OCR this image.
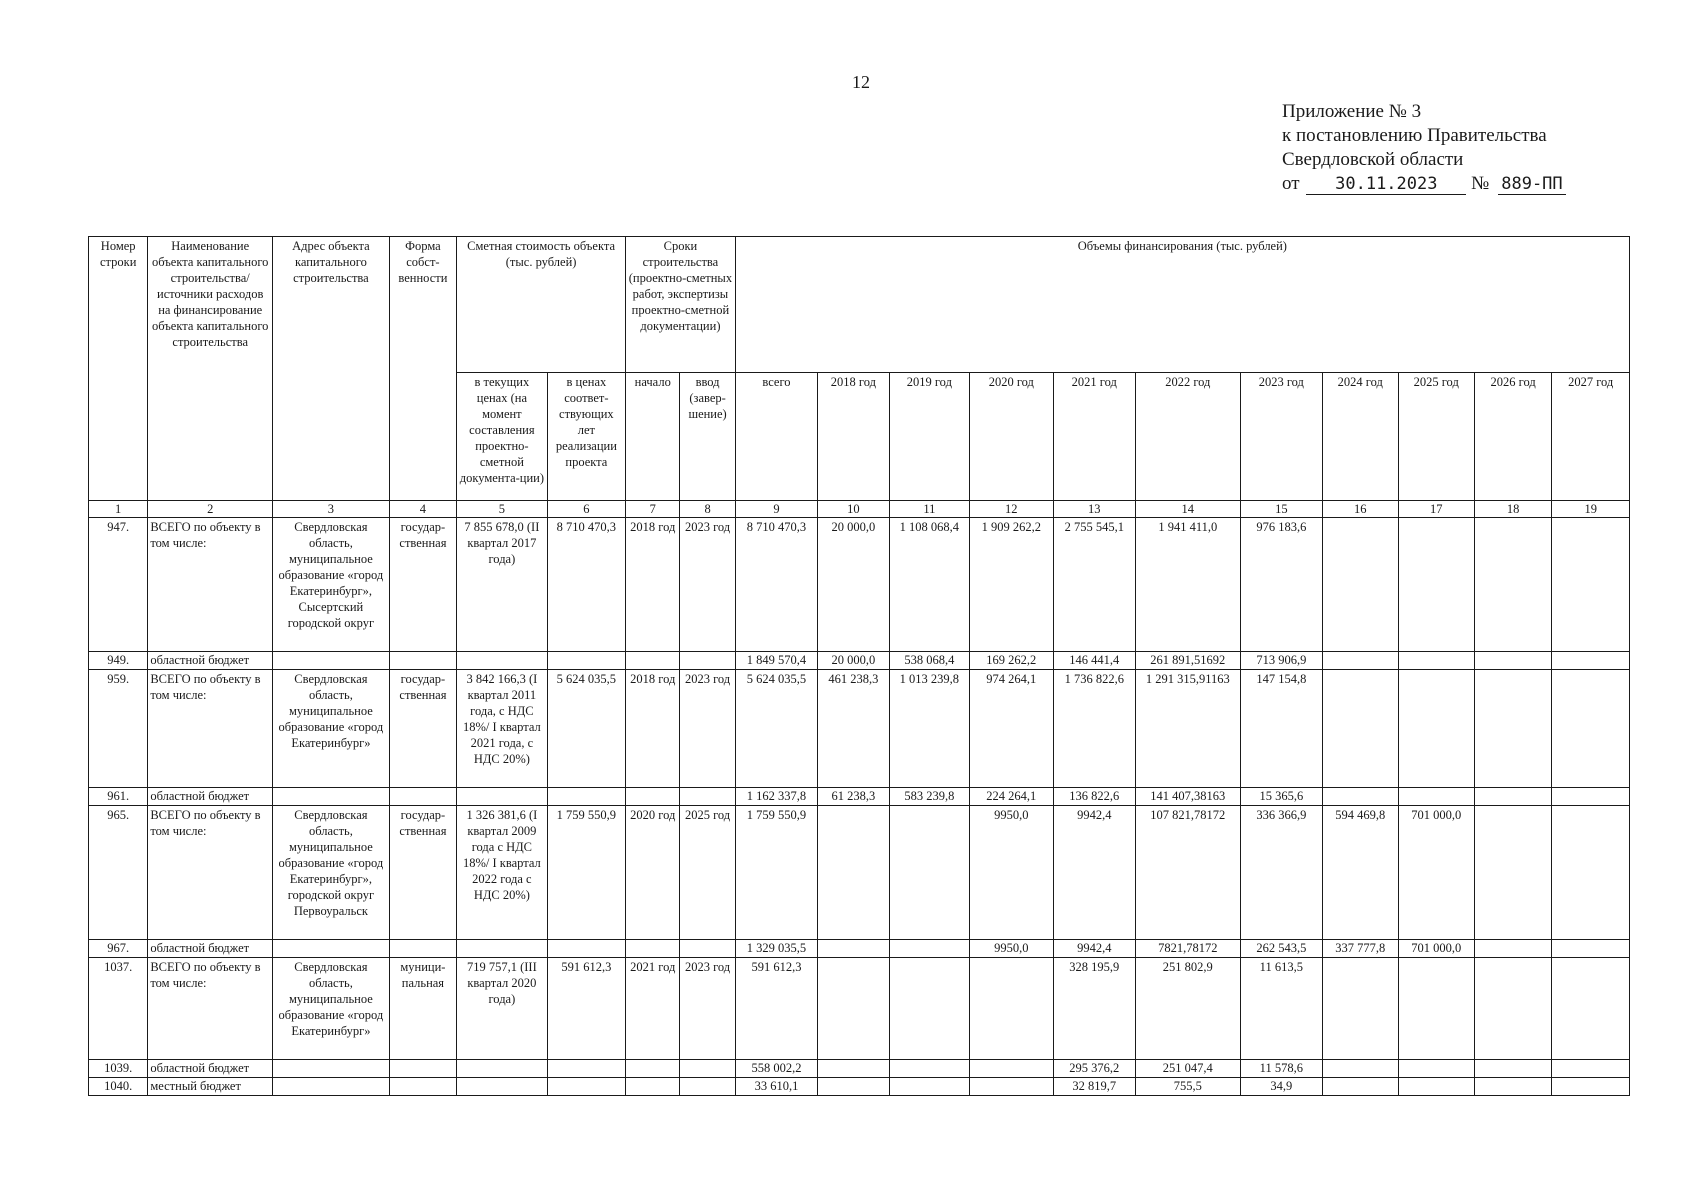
12
Приложение № 3
к постановлению Правительства
Свердловской области
от 30.11.2023 № 889-ПП
Номер строки	Наименование объекта капитального строительства/ источники расходов на финансирование объекта капитального строительства	Адрес объекта капитального строительства	Форма собст-венности	Сметная стоимость объекта (тыс. рублей)		Сроки строительства (проектно-сметных работ, экспертизы проектно-сметной документации)		Объемы финансирования (тыс. рублей)										
				в текущих ценах (на момент составления проектно-сметной документа-ции)	в ценах соответ-ствующих лет реализации проекта	начало	ввод (завер-шение)	всего	2018 год	2019 год	2020 год	2021 год	2022 год	2023 год	2024 год	2025 год	2026 год	2027 год
1	2	3	4	5	6	7	8	9	10	11	12	13	14	15	16	17	18	19
947.	ВСЕГО по объекту в том числе:	Свердловская область, муниципальное образование «город Екатеринбург», Сысертский городской округ	государ-ственная	7 855 678,0 (II квартал 2017 года)	8 710 470,3	2018 год	2023 год	8 710 470,3	20 000,0	1 108 068,4	1 909 262,2	2 755 545,1	1 941 411,0	976 183,6				
949.	областной бюджет							1 849 570,4	20 000,0	538 068,4	169 262,2	146 441,4	261 891,51692	713 906,9				
959.	ВСЕГО по объекту в том числе:	Свердловская область, муниципальное образование «город Екатеринбург»	государ-ственная	3 842 166,3 (I квартал 2011 года, с НДС 18%/ I квартал 2021 года, с НДС 20%)	5 624 035,5	2018 год	2023 год	5 624 035,5	461 238,3	1 013 239,8	974 264,1	1 736 822,6	1 291 315,91163	147 154,8				
961.	областной бюджет							1 162 337,8	61 238,3	583 239,8	224 264,1	136 822,6	141 407,38163	15 365,6				
965.	ВСЕГО по объекту в том числе:	Свердловская область, муниципальное образование «город Екатеринбург», городской округ Первоуральск	государ-ственная	1 326 381,6 (I квартал 2009 года с НДС 18%/ I квартал 2022 года с НДС 20%)	1 759 550,9	2020 год	2025 год	1 759 550,9			9950,0	9942,4	107 821,78172	336 366,9	594 469,8	701 000,0		
967.	областной бюджет							1 329 035,5			9950,0	9942,4	7821,78172	262 543,5	337 777,8	701 000,0		
1037.	ВСЕГО по объекту в том числе:	Свердловская область, муниципальное образование «город Екатеринбург»	муници-пальная	719 757,1 (III квартал 2020 года)	591 612,3	2021 год	2023 год	591 612,3				328 195,9	251 802,9	11 613,5				
1039.	областной бюджет							558 002,2				295 376,2	251 047,4	11 578,6				
1040.	местный бюджет							33 610,1				32 819,7	755,5	34,9				
